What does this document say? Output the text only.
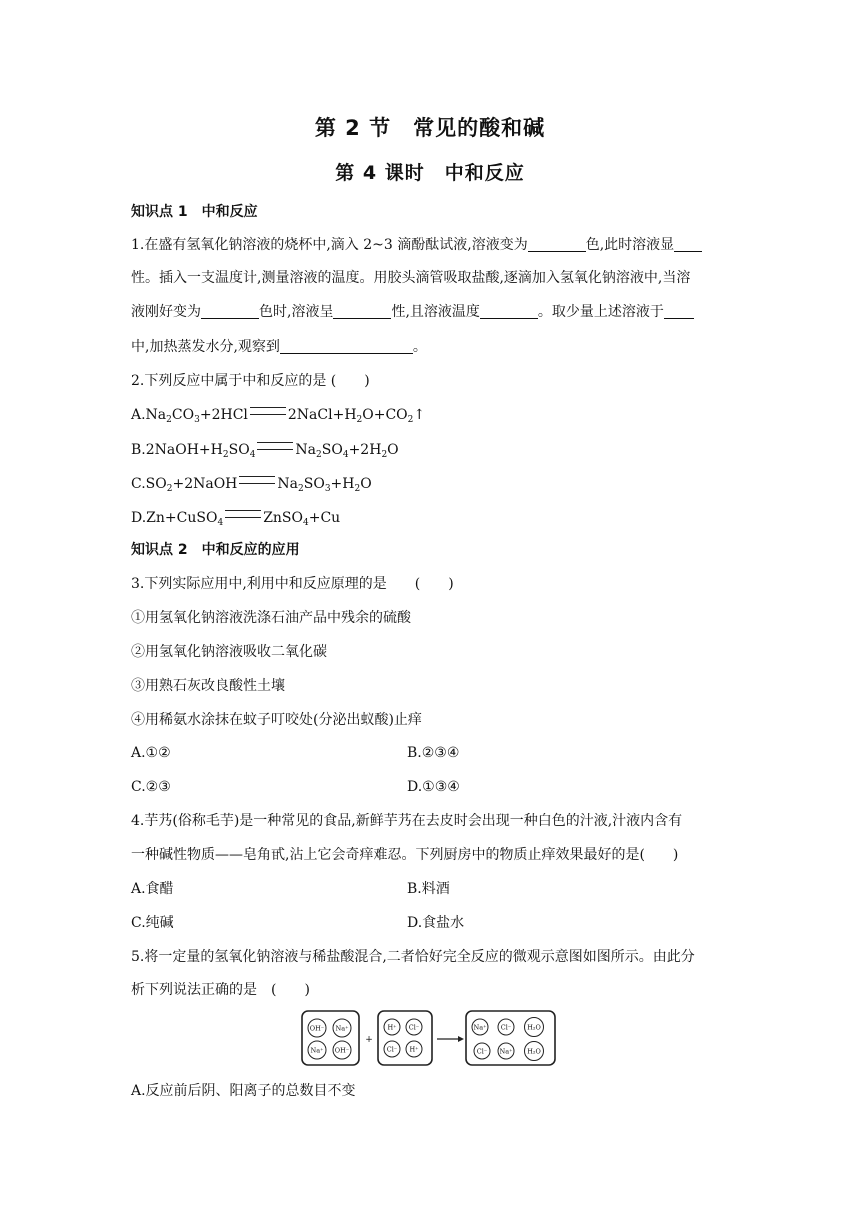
第 2 节　常见的酸和碱
第 4 课时　中和反应
知识点 1　中和反应
1.在盛有氢氧化钠溶液的烧杯中,滴入 2~3 滴酚酞试液,溶液变为	色,此时溶液显
性。插入一支温度计,测量溶液的温度。用胶头滴管吸取盐酸,逐滴加入氢氧化钠溶液中,当溶
液刚好变为	色时,溶液呈	性,且溶液温度	。取少量上述溶液于
中,加热蒸发水分,观察到	。
2.下列反应中属于中和反应的是 (　　)
$A.Na_2CO_3+2HCl$	$2NaCl+H_2O+CO_2↑$
$B.2NaOH+H_2SO_4$	$Na_2SO_4+2H_2O$
$C.SO_2+2NaOH$	$Na_2SO_3+H_2O$
D.Zn+CuSO$_4$	ZnSO$_4$+Cu
知识点 2　中和反应的应用
3.下列实际应用中,利用中和反应原理的是　　(　　)
①用氢氧化钠溶液洗涤石油产品中残余的硫酸
②用氢氧化钠溶液吸收二氧化碳
③用熟石灰改良酸性土壤
④用稀氨水涂抹在蚊子叮咬处(分泌出蚁酸)止痒
A.①②	B.②③④
C.②③	D.①③④
4.芋艿(俗称毛芋)是一种常见的食品,新鲜芋艿在去皮时会出现一种白色的汁液,汁液内含有
一种碱性物质——皂角甙,沾上它会奇痒难忍。下列厨房中的物质止痒效果最好的是(　　)
A.食醋	B.料酒
C.纯碱	D.食盐水
5.将一定量的氢氧化钠溶液与稀盐酸混合,二者恰好完全反应的微观示意图如图所示。由此分
析下列说法正确的是　(　　)
OH⁻ Na⁺
Na⁺ OH⁻
+
H⁺ Cl⁻
Cl⁻ H⁺
Na⁺ Cl⁻ H₂O
Cl⁻ Na⁺ H₂O
A.反应前后阴、阳离子的总数目不变
